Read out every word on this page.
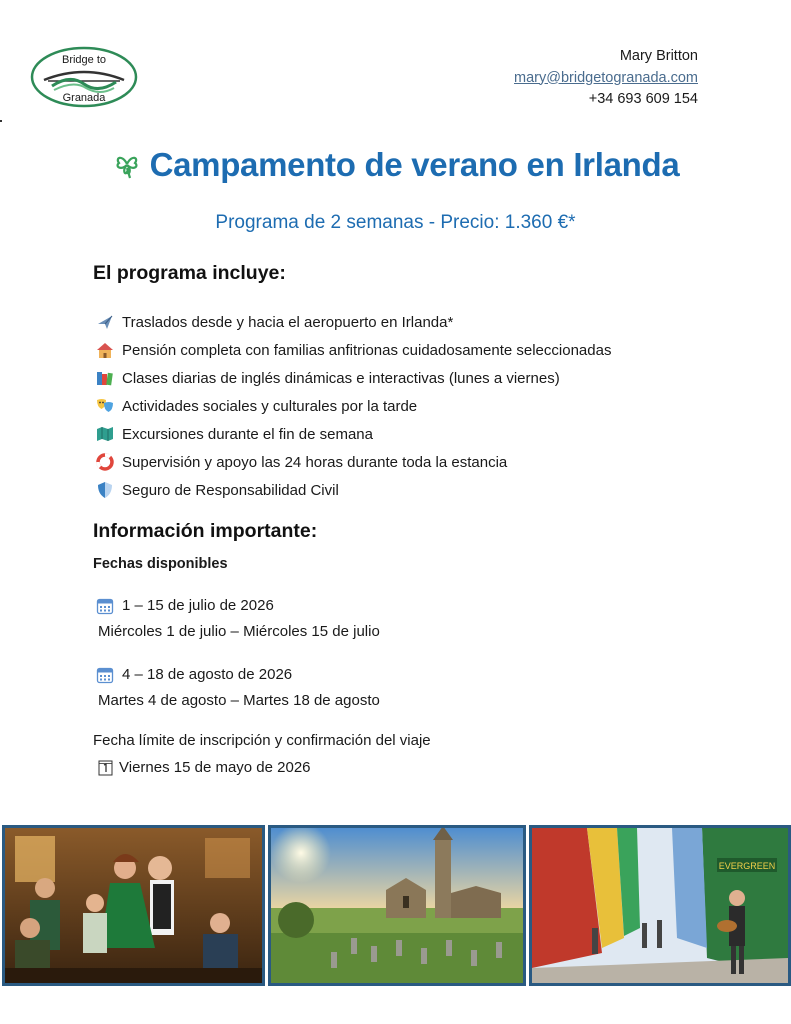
Bridge to
Granada
Mary Britton
mary@bridgetogranada.com
+34 693 609 154
Campamento de verano en Irlanda
Programa de 2 semanas - Precio: 1.360 €*
El programa incluye:
Traslados desde y hacia el aeropuerto en Irlanda*
Pensión completa con familias anfitrionas cuidadosamente seleccionadas
Clases diarias de inglés dinámicas e interactivas (lunes a viernes)
Actividades sociales y culturales por la tarde
Excursiones durante el fin de semana
Supervisión y apoyo las 24 horas durante toda la estancia
Seguro de Responsabilidad Civil
Información importante:
Fechas disponibles
1 – 15 de julio de 2026
Miércoles 1 de julio – Miércoles 15 de julio
4 – 18 de agosto de 2026
Martes 4 de agosto – Martes 18 de agosto
Fecha límite de inscripción y confirmación del viaje
Viernes 15 de mayo de 2026
EVERGREEN
